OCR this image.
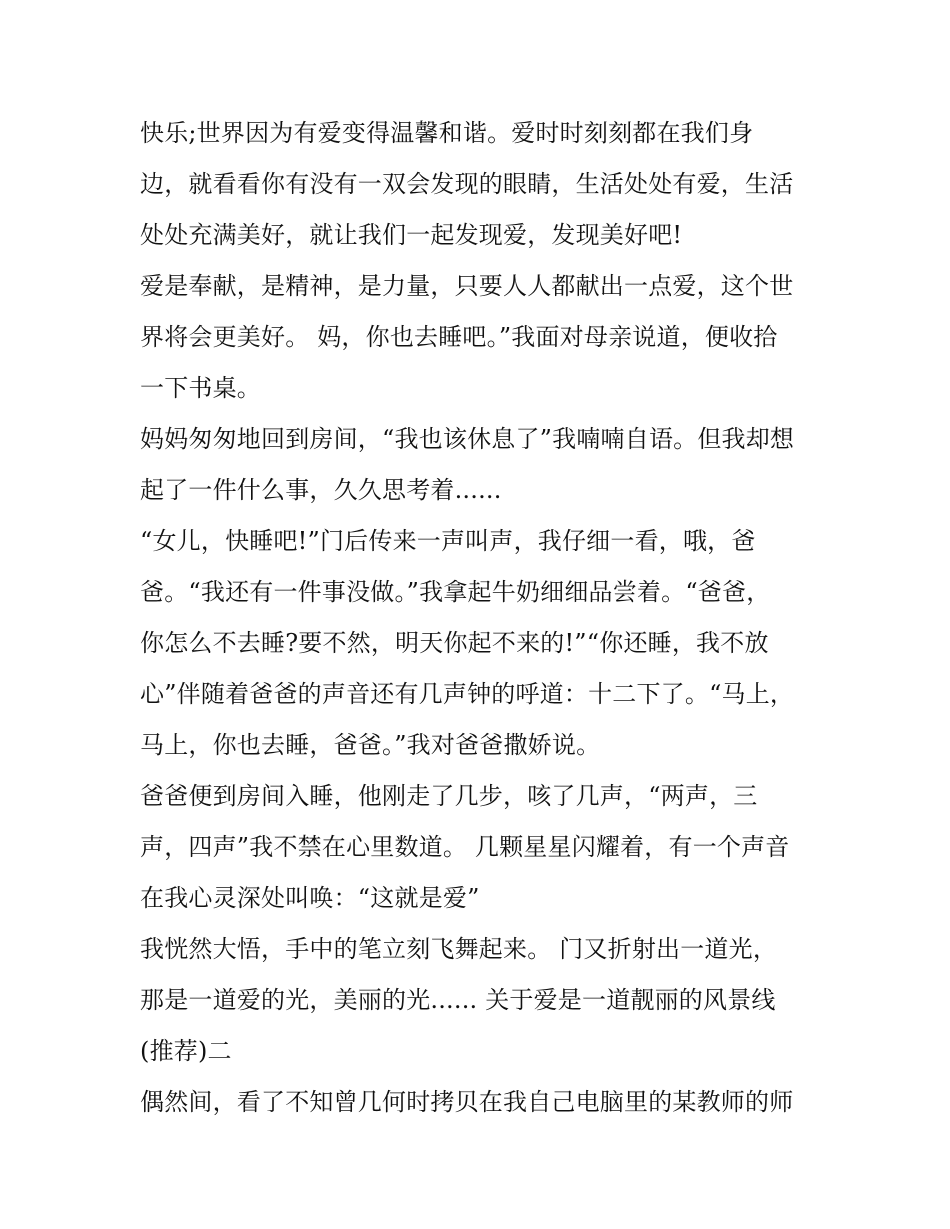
快乐;世界因为有爱变得温馨和谐。爱时时刻刻都在我们身
边，就看看你有没有一双会发现的眼睛，生活处处有爱，生活
处处充满美好，就让我们一起发现爱，发现美好吧!
爱是奉献，是精神，是力量，只要人人都献出一点爱，这个世
界将会更美好。 妈，你也去睡吧。”我面对母亲说道，便收拾
一下书桌。
妈妈匆匆地回到房间，“我也该休息了”我喃喃自语。但我却想
起了一件什么事，久久思考着......
“女儿，快睡吧!”门后传来一声叫声，我仔细一看，哦，爸
爸。“我还有一件事没做。”我拿起牛奶细细品尝着。“爸爸，
你怎么不去睡?要不然，明天你起不来的!”“你还睡，我不放
心”伴随着爸爸的声音还有几声钟的呼道：十二下了。“马上，
马上，你也去睡，爸爸。”我对爸爸撒娇说。
爸爸便到房间入睡，他刚走了几步，咳了几声，“两声，三
声，四声”我不禁在心里数道。 几颗星星闪耀着，有一个声音
在我心灵深处叫唤：“这就是爱”
我恍然大悟，手中的笔立刻飞舞起来。 门又折射出一道光，
那是一道爱的光，美丽的光...... 关于爱是一道靓丽的风景线
(推荐)二
偶然间，看了不知曾几何时拷贝在我自己电脑里的某教师的师
